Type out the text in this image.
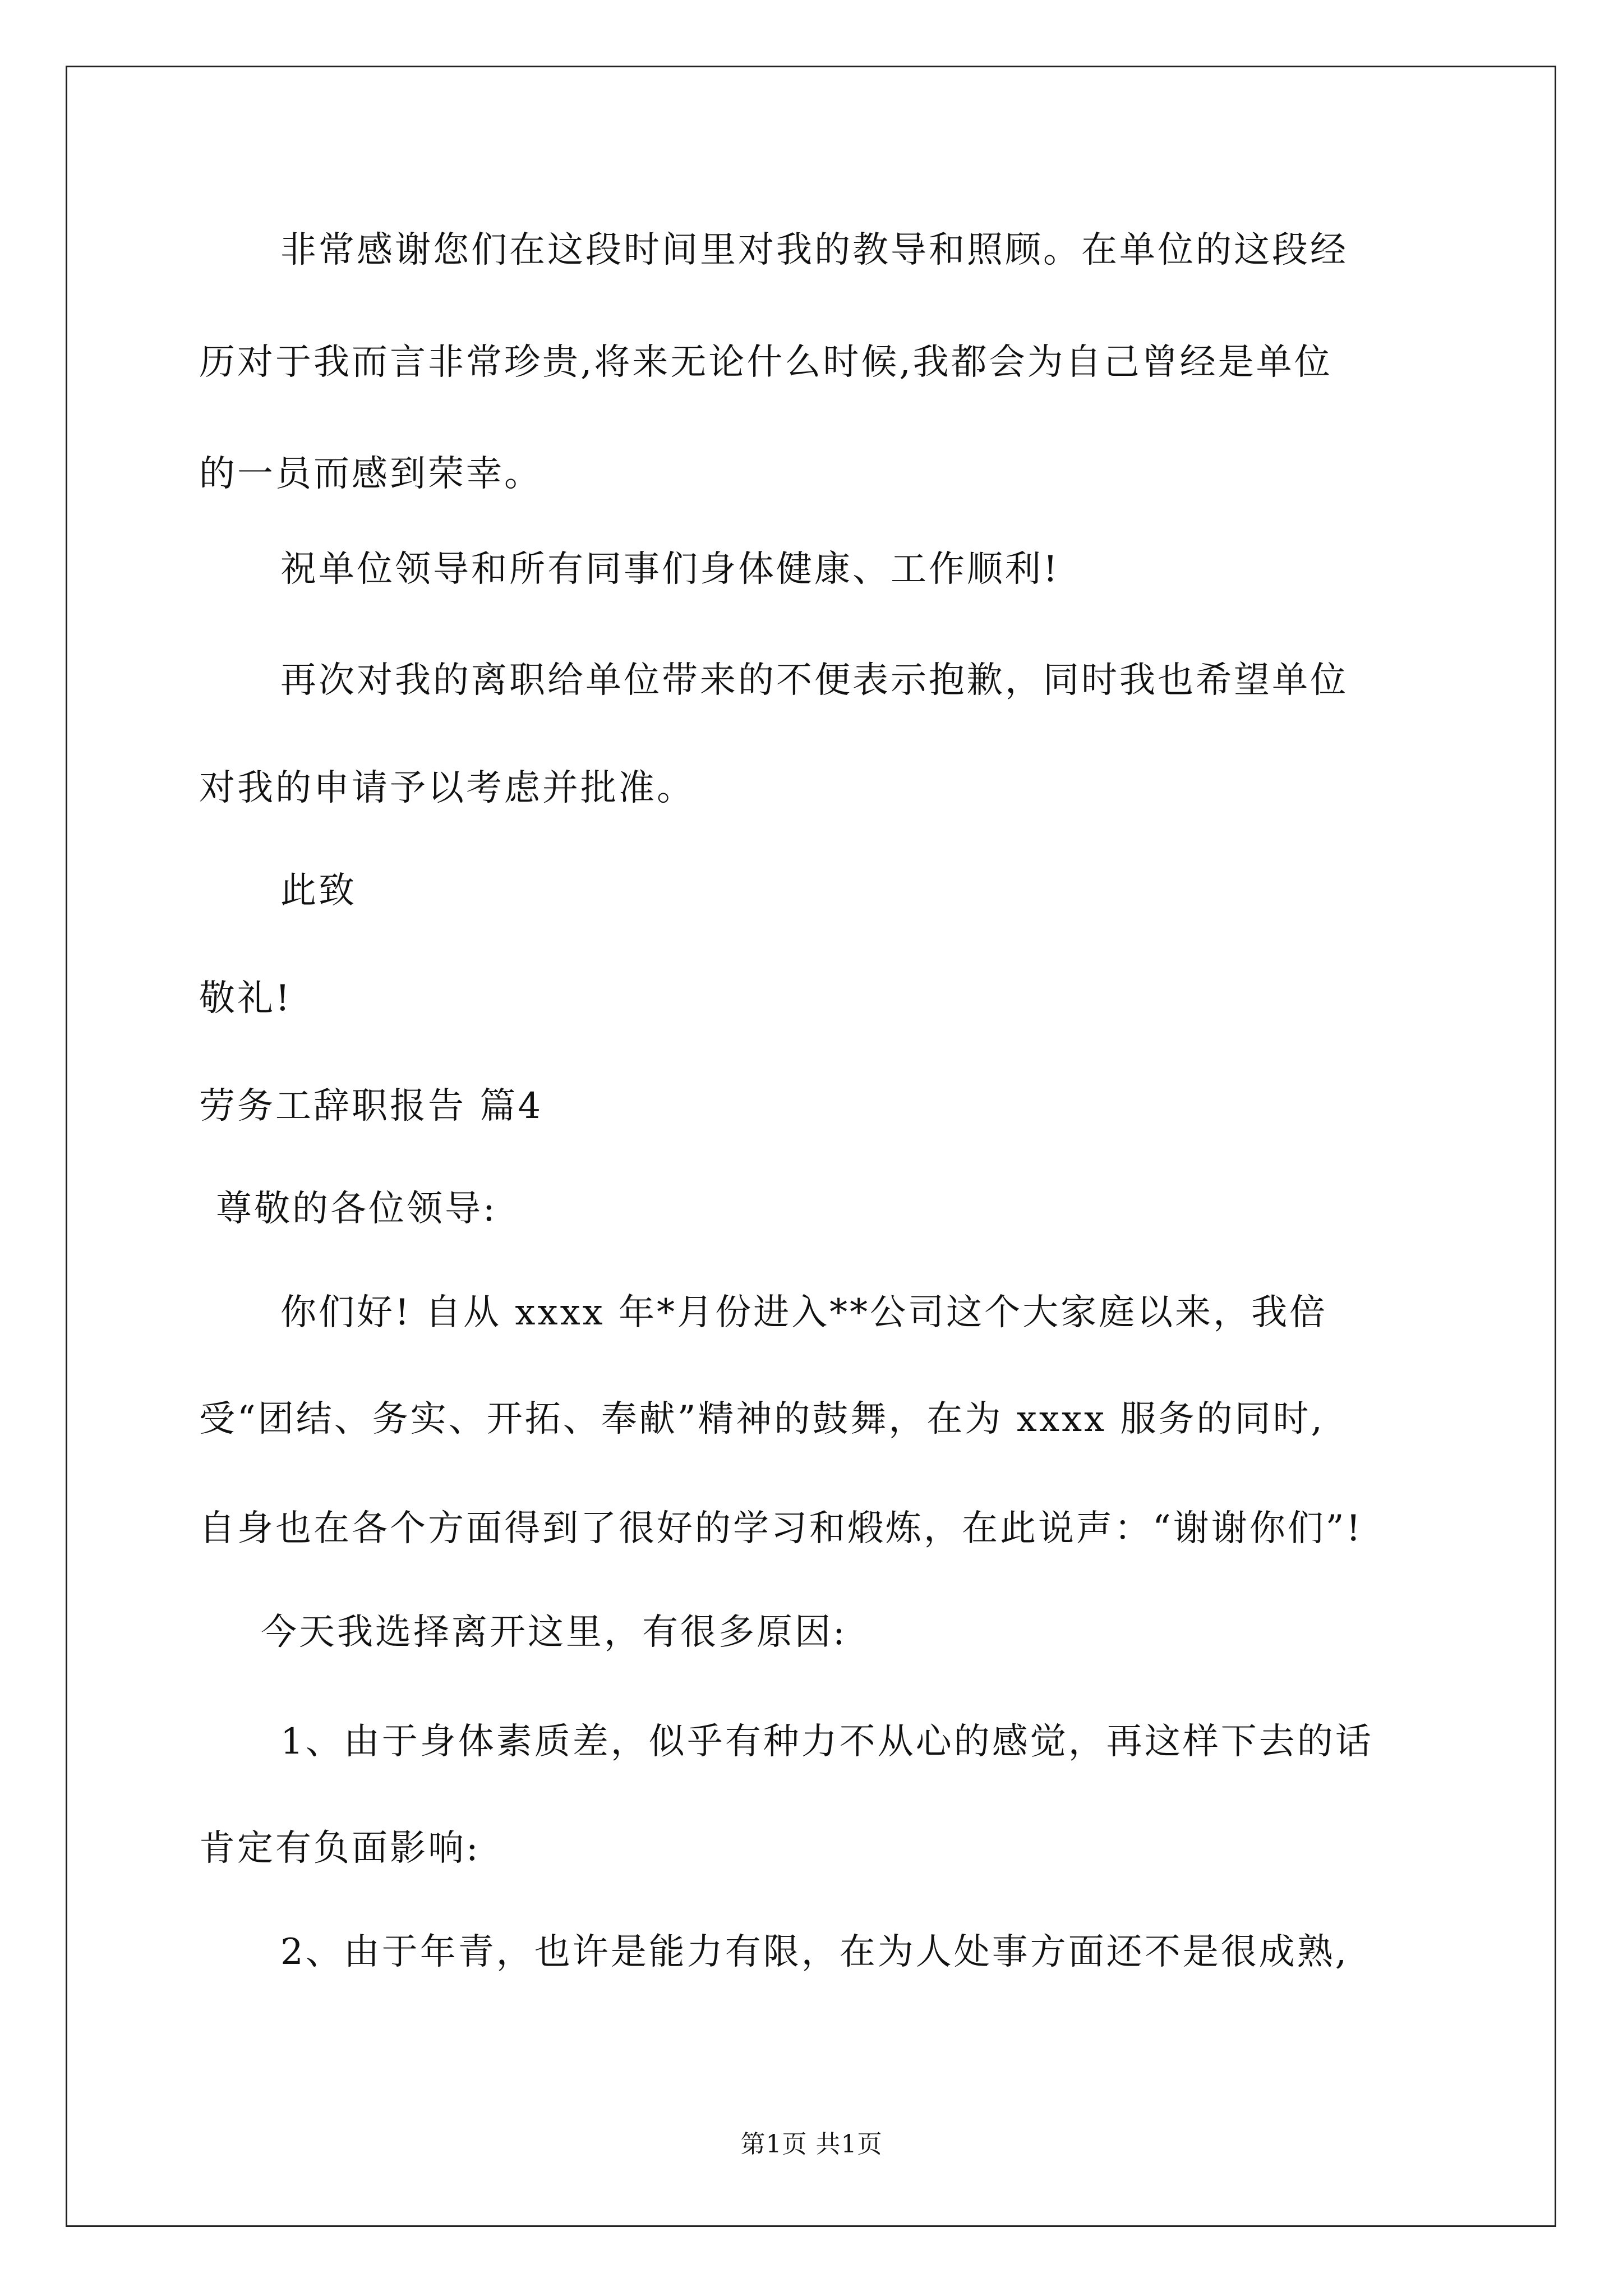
非常感谢您们在这段时间里对我的教导和照顾。在单位的这段经
历对于我而言非常珍贵,将来无论什么时候,我都会为自己曾经是单位
的一员而感到荣幸。
祝单位领导和所有同事们身体健康、工作顺利!
再次对我的离职给单位带来的不便表示抱歉，同时我也希望单位
对我的申请予以考虑并批准。
此致
敬礼!
劳务工辞职报告 篇4
尊敬的各位领导:
你们好! 自从 xxxx 年*月份进入**公司这个大家庭以来，我倍
受“团结、务实、开拓、奉献”精神的鼓舞，在为 xxxx 服务的同时,
自身也在各个方面得到了很好的学习和煅炼，在此说声：“谢谢你们”!
今天我选择离开这里，有很多原因:
1、由于身体素质差，似乎有种力不从心的感觉，再这样下去的话
肯定有负面影响:
2、由于年青，也许是能力有限，在为人处事方面还不是很成熟,
第1页 共1页
